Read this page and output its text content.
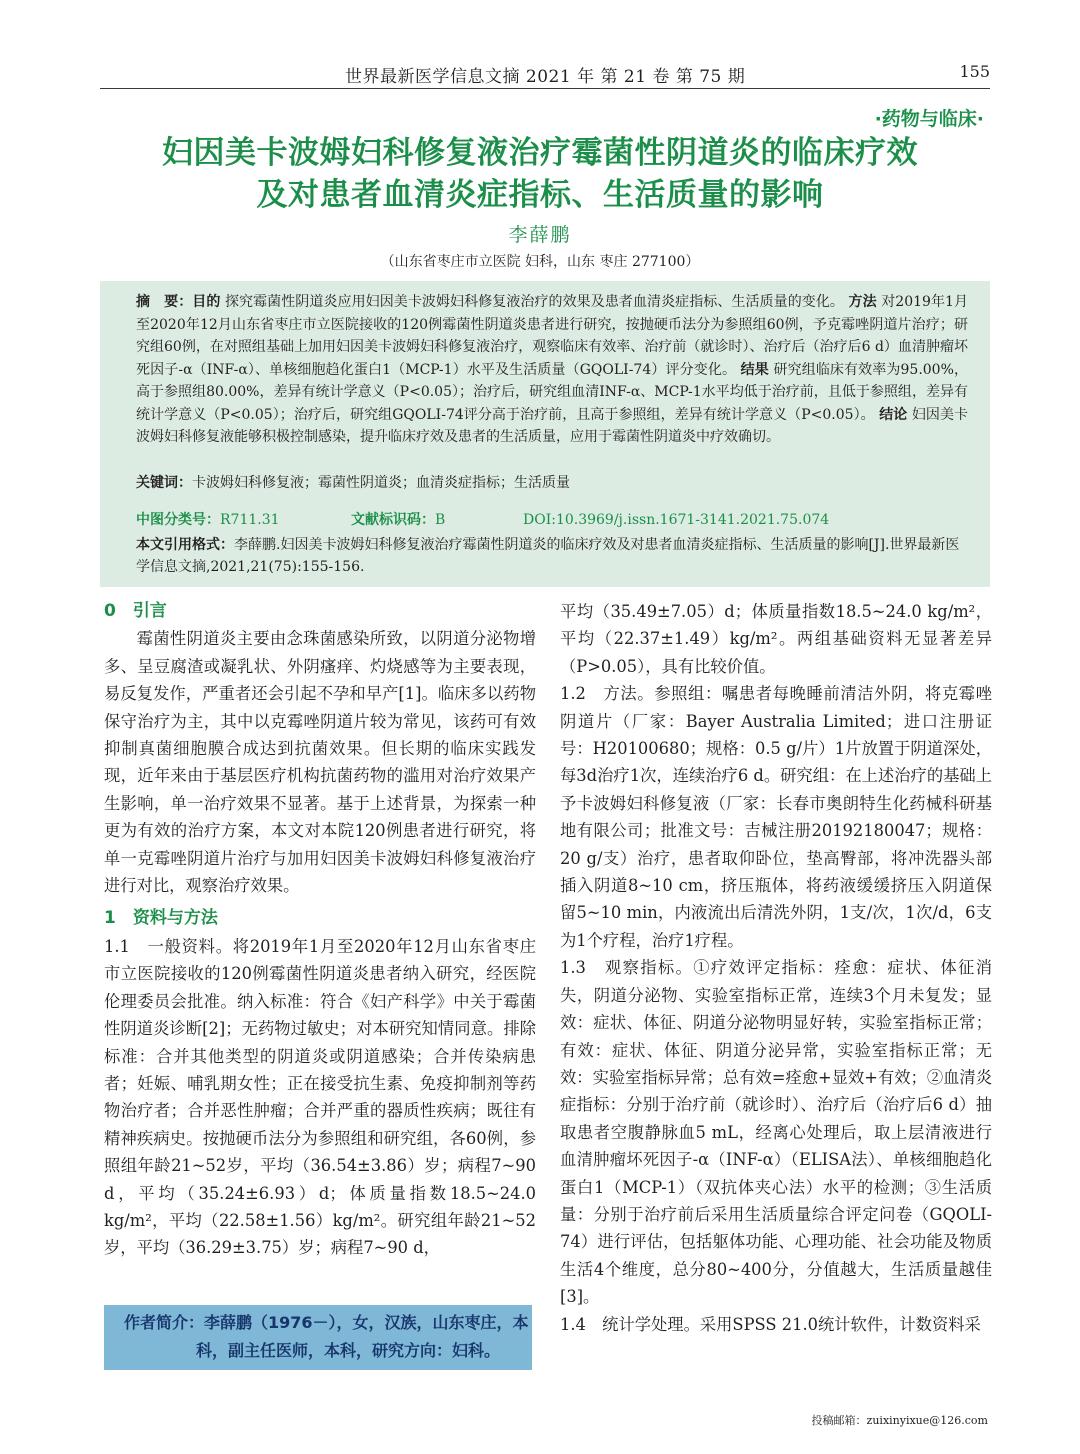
世界最新医学信息文摘 2021 年 第 21 卷 第 75 期	155
·药物与临床·
妇因美卡波姆妇科修复液治疗霉菌性阴道炎的临床疗效
及对患者血清炎症指标、生活质量的影响
李薛鹏
（山东省枣庄市立医院 妇科，山东 枣庄 277100）
摘　要：目的 探究霉菌性阴道炎应用妇因美卡波姆妇科修复液治疗的效果及患者血清炎症指标、生活质量的变化。 方法 对2019年1月至2020年12月山东省枣庄市立医院接收的120例霉菌性阴道炎患者进行研究，按抛硬币法分为参照组60例，予克霉唑阴道片治疗；研究组60例，在对照组基础上加用妇因美卡波姆妇科修复液治疗，观察临床有效率、治疗前（就诊时）、治疗后（治疗后6 d）血清肿瘤坏死因子-α（INF-α）、单核细胞趋化蛋白1（MCP-1）水平及生活质量（GQOLI-74）评分变化。 结果 研究组临床有效率为95.00%，高于参照组80.00%，差异有统计学意义（P<0.05）；治疗后，研究组血清INF-α、MCP-1水平均低于治疗前，且低于参照组，差异有统计学意义（P<0.05）；治疗后，研究组GQOLI-74评分高于治疗前，且高于参照组，差异有统计学意义（P<0.05）。 结论 妇因美卡波姆妇科修复液能够积极控制感染，提升临床疗效及患者的生活质量，应用于霉菌性阴道炎中疗效确切。
关键词：卡波姆妇科修复液；霉菌性阴道炎；血清炎症指标；生活质量
中图分类号：R711.31	文献标识码：B	DOI:10.3969/j.issn.1671-3141.2021.75.074
本文引用格式：李薛鹏.妇因美卡波姆妇科修复液治疗霉菌性阴道炎的临床疗效及对患者血清炎症指标、生活质量的影响[J].世界最新医学信息文摘,2021,21(75):155-156.
0　引言

霉菌性阴道炎主要由念珠菌感染所致，以阴道分泌物增多、呈豆腐渣或凝乳状、外阴瘙痒、灼烧感等为主要表现，易反复发作，严重者还会引起不孕和早产[1]。临床多以药物保守治疗为主，其中以克霉唑阴道片较为常见，该药可有效抑制真菌细胞膜合成达到抗菌效果。但长期的临床实践发现，近年来由于基层医疗机构抗菌药物的滥用对治疗效果产生影响，单一治疗效果不显著。基于上述背景，为探索一种更为有效的治疗方案，本文对本院120例患者进行研究，将单一克霉唑阴道片治疗与加用妇因美卡波姆妇科修复液治疗进行对比，观察治疗效果。

1　资料与方法

1.1　一般资料。将2019年1月至2020年12月山东省枣庄市立医院接收的120例霉菌性阴道炎患者纳入研究，经医院伦理委员会批准。纳入标准：符合《妇产科学》中关于霉菌性阴道炎诊断[2]；无药物过敏史；对本研究知情同意。排除标准：合并其他类型的阴道炎或阴道感染；合并传染病患者；妊娠、哺乳期女性；正在接受抗生素、免疫抑制剂等药物治疗者；合并恶性肿瘤；合并严重的器质性疾病；既往有精神疾病史。按抛硬币法分为参照组和研究组，各60例，参照组年龄21~52岁，平均（36.54±3.86）岁；病程7~90 d，平均（35.24±6.93）d；体质量指数18.5~24.0 kg/m²，平均（22.58±1.56）kg/m²。研究组年龄21~52岁，平均（36.29±3.75）岁；病程7~90 d，

平均（35.49±7.05）d；体质量指数18.5~24.0 kg/m²，平均（22.37±1.49）kg/m²。两组基础资料无显著差异（P>0.05），具有比较价值。

1.2　方法。参照组：嘱患者每晚睡前清洁外阴，将克霉唑阴道片（厂家：Bayer Australia Limited；进口注册证号：H20100680；规格：0.5 g/片）1片放置于阴道深处，每3d治疗1次，连续治疗6 d。研究组：在上述治疗的基础上予卡波姆妇科修复液（厂家：长春市奥朗特生化药械科研基地有限公司；批准文号：吉械注册20192180047；规格：20 g/支）治疗，患者取仰卧位，垫高臀部，将冲洗器头部插入阴道8~10 cm，挤压瓶体，将药液缓缓挤压入阴道保留5~10 min，内液流出后清洗外阴，1支/次，1次/d，6支为1个疗程，治疗1疗程。

1.3　观察指标。①疗效评定指标：痊愈：症状、体征消失，阴道分泌物、实验室指标正常，连续3个月未复发；显效：症状、体征、阴道分泌物明显好转，实验室指标正常；有效：症状、体征、阴道分泌异常，实验室指标正常；无效：实验室指标异常；总有效=痊愈+显效+有效；②血清炎症指标：分别于治疗前（就诊时）、治疗后（治疗后6 d）抽取患者空腹静脉血5 mL，经离心处理后，取上层清液进行血清肿瘤坏死因子-α（INF-α）（ELISA法）、单核细胞趋化蛋白1（MCP-1）（双抗体夹心法）水平的检测；③生活质量：分别于治疗前后采用生活质量综合评定问卷（GQOLI-74）进行评估，包括躯体功能、心理功能、社会功能及物质生活4个维度，总分80~400分，分值越大，生活质量越佳[3]。

1.4　统计学处理。采用SPSS 21.0统计软件，计数资料采

作者简介：李薛鹏（1976－），女，汉族，山东枣庄，本
科，副主任医师，本科，研究方向：妇科。
投稿邮箱：zuixinyixue@126.com
